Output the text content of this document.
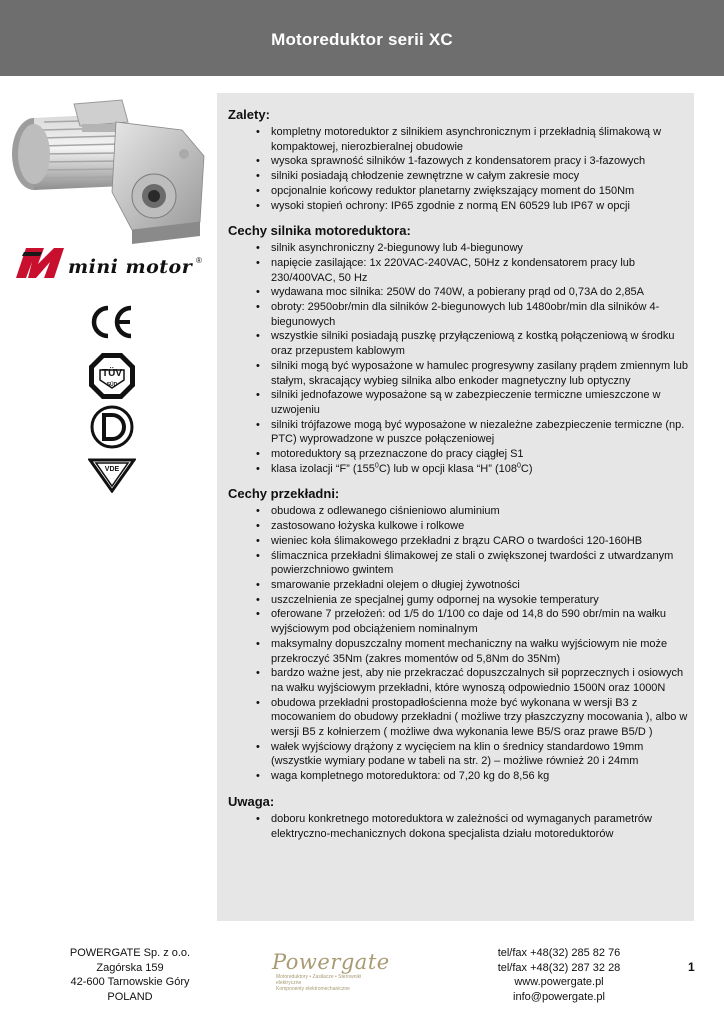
Motoreduktor serii XC
mini motor ®
TÜV
SÜD
VDE
Zalety:
• kompletny motoreduktor z silnikiem asynchronicznym i przekładnią ślimakową w kompaktowej, nierozbieralnej obudowie
• wysoka sprawność silników 1-fazowych z kondensatorem pracy i 3-fazowych
• silniki posiadają chłodzenie zewnętrzne w całym zakresie mocy
• opcjonalnie końcowy reduktor planetarny zwiększający moment do 150Nm
• wysoki stopień ochrony: IP65 zgodnie z normą EN 60529 lub IP67 w opcji
Cechy silnika motoreduktora:
• silnik asynchroniczny 2-biegunowy lub 4-biegunowy
• napięcie zasilające: 1x 220VAC-240VAC, 50Hz z kondensatorem pracy lub 230/400VAC, 50 Hz
• wydawana moc silnika: 250W do 740W, a pobierany prąd od 0,73A do 2,85A
• obroty: 2950obr/min dla silników 2-biegunowych lub 1480obr/min dla silników 4-biegunowych
• wszystkie silniki posiadają puszkę przyłączeniową z kostką połączeniową w środku oraz przepustem kablowym
• silniki mogą być wyposażone w hamulec progresywny zasilany prądem zmiennym lub stałym, skracający wybieg silnika albo enkoder magnetyczny lub optyczny
• silniki jednofazowe wyposażone są w zabezpieczenie termiczne umieszczone w uzwojeniu
• silniki trójfazowe mogą być wyposażone w niezależne zabezpieczenie termiczne (np. PTC) wyprowadzone w puszce połączeniowej
• motoreduktory są przeznaczone do pracy ciągłej S1
• klasa izolacji “F” $(155^0C)$ lub w opcji klasa “H” $(108^0C)$
Cechy przekładni:
• obudowa z odlewanego ciśnieniowo aluminium
• zastosowano łożyska kulkowe i rolkowe
• wieniec koła ślimakowego przekładni z brązu CARO o twardości 120-160HB
• ślimacznica przekładni ślimakowej ze stali o zwiększonej twardości z utwardzanym powierzchniowo gwintem
• smarowanie przekładni olejem o długiej żywotności
• uszczelnienia ze specjalnej gumy odpornej na wysokie temperatury
• oferowane 7 przełożeń: od 1/5 do 1/100 co daje od 14,8 do 590 obr/min na wałku wyjściowym pod obciążeniem nominalnym
• maksymalny dopuszczalny moment mechaniczny na wałku wyjściowym nie może przekroczyć 35Nm (zakres momentów od 5,8Nm do 35Nm)
• bardzo ważne jest, aby nie przekraczać dopuszczalnych sił poprzecznych i osiowych na wałku wyjściowym przekładni, które wynoszą odpowiednio 1500N oraz 1000N
• obudowa przekładni prostopadłościenna może być wykonana w wersji B3 z mocowaniem do obudowy przekładni ( możliwe trzy płaszczyzny mocowania ), albo w wersji B5 z kołnierzem ( możliwe dwa wykonania lewe B5/S oraz prawe B5/D )
• wałek wyjściowy drążony z wycięciem na klin o średnicy standardowo 19mm (wszystkie wymiary podane w tabeli na str. 2) – możliwe również 20 i 24mm
• waga kompletnego motoreduktora: od 7,20 kg do 8,56 kg
Uwaga:
• doboru konkretnego motoreduktora w zależności od wymaganych parametrów elektryczno-mechanicznych dokona specjalista działu motoreduktorów
POWERGATE Sp. z o.o.
Zagórska 159
42-600 Tarnowskie Góry
POLAND
Powergate
Motoreduktory • Zasilacze • Sterowniki elektryczne
Komponenty elektromechaniczne
tel/fax +48(32) 285 82 76
tel/fax +48(32) 287 32 28
www.powergate.pl
info@powergate.pl
1
